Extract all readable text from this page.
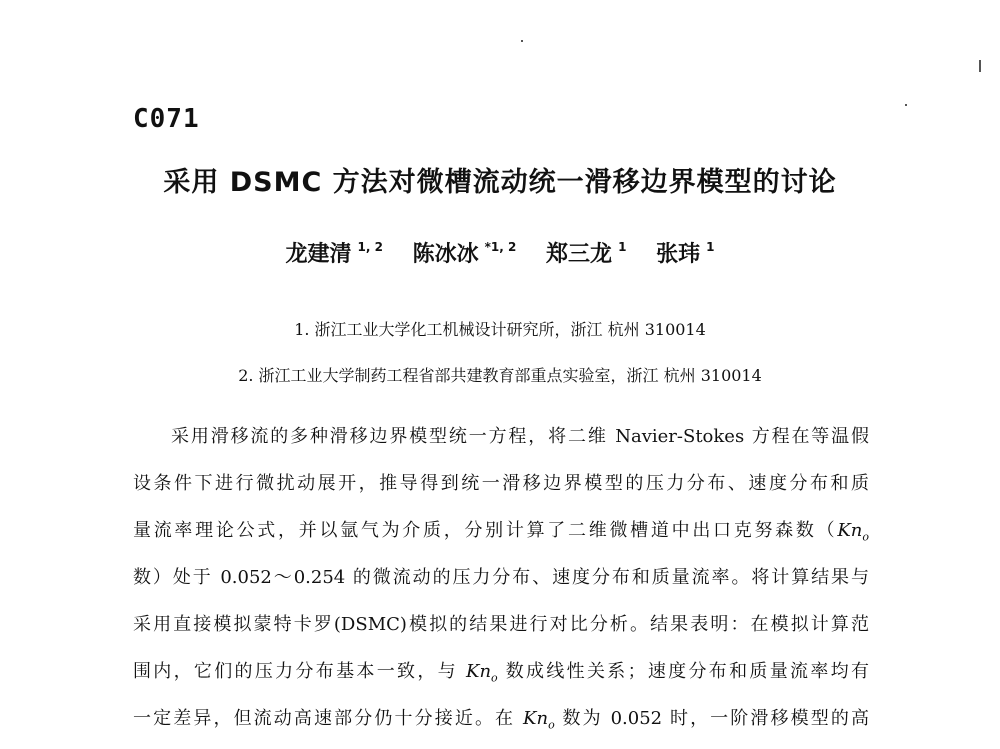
C071
采用 DSMC 方法对微槽流动统一滑移边界模型的讨论
龙建清 $^{1, 2}$ 陈冰冰 $^{*1, 2}$ 郑三龙 $^1$ 张玮 $^1$
1. 浙江工业大学化工机械设计研究所，浙江 杭州 310014
2. 浙江工业大学制药工程省部共建教育部重点实验室，浙江 杭州 310014
采用滑移流的多种滑移边界模型统一方程，将二维 Navier-Stokes 方程在等温假
设条件下进行微扰动展开，推导得到统一滑移边界模型的压力分布、速度分布和质
量流率理论公式，并以氩气为介质，分别计算了二维微槽道中出口克努森数（$Kn_o$
数）处于 0.052～0.254 的微流动的压力分布、速度分布和质量流率。将计算结果与
采用直接模拟蒙特卡罗(DSMC)模拟的结果进行对比分析。结果表明：在模拟计算范
围内，它们的压力分布基本一致，与 $Kn_o$ 数成线性关系；速度分布和质量流率均有
一定差异，但流动高速部分仍十分接近。在 $Kn_o$ 数为 0.052 时，一阶滑移模型的高
